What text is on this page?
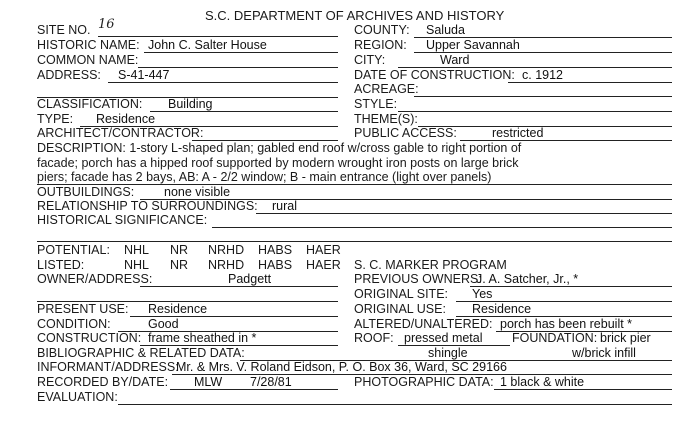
S.C. DEPARTMENT OF ARCHIVES AND HISTORY
SITE NO. 16
HISTORIC NAME: John C. Salter House
COMMON NAME:
ADDRESS: S-41-447
CLASSIFICATION: Building
TYPE: Residence
ARCHITECT/CONTRACTOR:
COUNTY: Saluda
REGION: Upper Savannah
CITY:	Ward
DATE OF CONSTRUCTION: c. 1912
ACREAGE:
STYLE:
THEME(S):
PUBLIC ACCESS:	restricted
DESCRIPTION: 1-story L-shaped plan; gabled end roof w/cross gable to right portion of
facade; porch has a hipped roof supported by modern wrought iron posts on large brick
piers; facade has 2 bays, AB: A - 2/2 window; B - main entrance (light over panels)
OUTBUILDINGS: none visible
RELATIONSHIP TO SURROUNDINGS: rural
HISTORICAL SIGNIFICANCE:
POTENTIAL: NHL NR NRHD HABS HAER
LISTED:	NHL NR NRHD HABS HAER S. C. MARKER PROGRAM
OWNER/ADDRESS:	Padgett	PREVIOUS OWNERS:
J. A. Satcher, Jr., *
ORIGINAL SITE: Yes
PRESENT USE: Residence	ORIGINAL USE: Residence
CONDITION:	Good	ALTERED/UNALTERED: porch has been rebuilt *
CONSTRUCTION: frame sheathed in *	ROOF: pressed metal FOUNDATION: brick pier
BIBLIOGRAPHIC & RELATED DATA:	shingle	w/brick infill
INFORMANT/ADDRESS:
Mr. & Mrs. V. Roland Eidson, P. O. Box 36, Ward, SC 29166
RECORDED BY/DATE: MLW 7/28/81	PHOTOGRAPHIC DATA: 1 black & white
EVALUATION:
